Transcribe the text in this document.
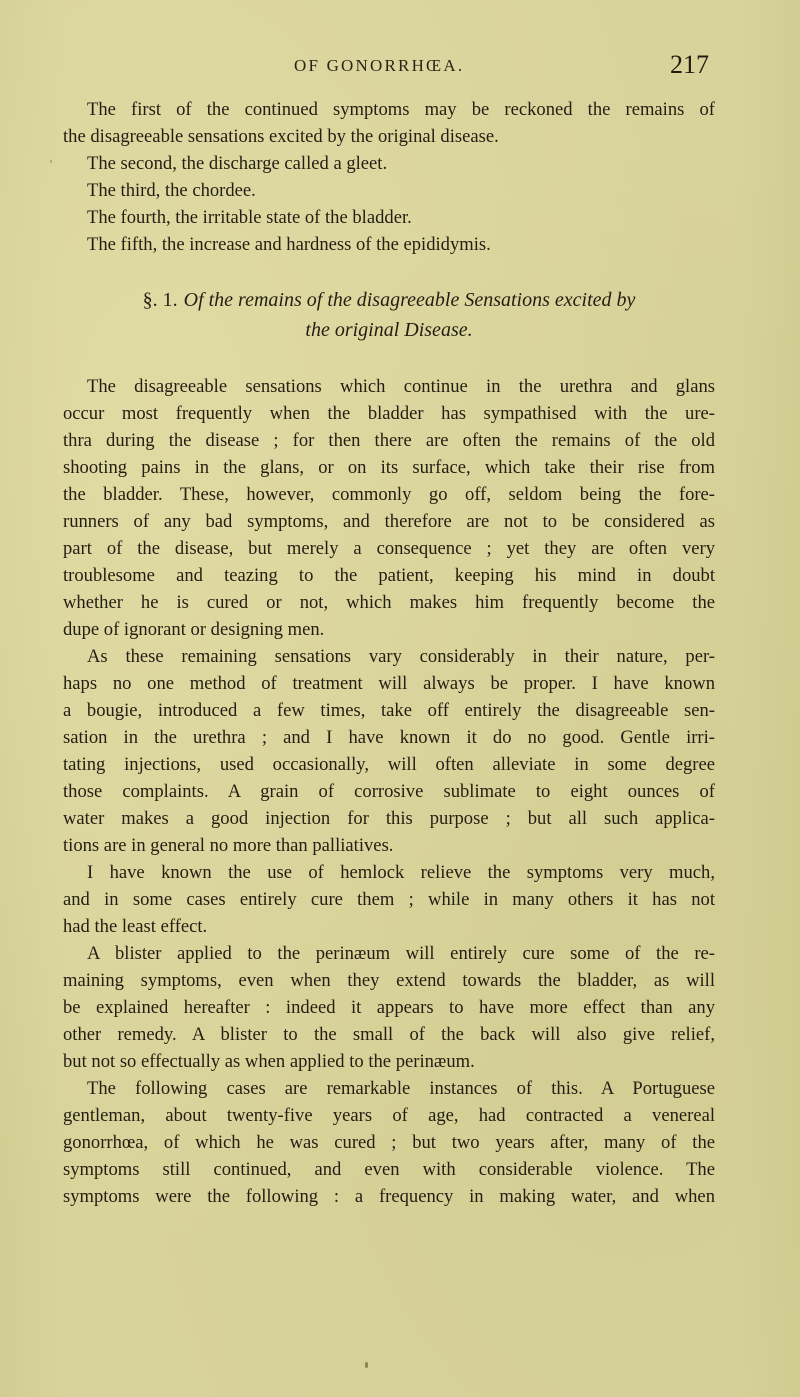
OF GONORRHŒA.	217
The first of the continued symptoms may be reckoned the remains of
the disagreeable sensations excited by the original disease.
The second, the discharge called a gleet.
The third, the chordee.
The fourth, the irritable state of the bladder.
The fifth, the increase and hardness of the epididymis.
§. 1. Of the remains of the disagreeable Sensations excited by
the original Disease.
The disagreeable sensations which continue in the urethra and glans
occur most frequently when the bladder has sympathised with the ure-
thra during the disease ; for then there are often the remains of the old
shooting pains in the glans, or on its surface, which take their rise from
the bladder. These, however, commonly go off, seldom being the fore-
runners of any bad symptoms, and therefore are not to be considered as
part of the disease, but merely a consequence ; yet they are often very
troublesome and teazing to the patient, keeping his mind in doubt
whether he is cured or not, which makes him frequently become the
dupe of ignorant or designing men.
As these remaining sensations vary considerably in their nature, per-
haps no one method of treatment will always be proper. I have known
a bougie, introduced a few times, take off entirely the disagreeable sen-
sation in the urethra ; and I have known it do no good. Gentle irri-
tating injections, used occasionally, will often alleviate in some degree
those complaints. A grain of corrosive sublimate to eight ounces of
water makes a good injection for this purpose ; but all such applica-
tions are in general no more than palliatives.
I have known the use of hemlock relieve the symptoms very much,
and in some cases entirely cure them ; while in many others it has not
had the least effect.
A blister applied to the perinæum will entirely cure some of the re-
maining symptoms, even when they extend towards the bladder, as will
be explained hereafter : indeed it appears to have more effect than any
other remedy. A blister to the small of the back will also give relief,
but not so effectually as when applied to the perinæum.
The following cases are remarkable instances of this. A Portuguese
gentleman, about twenty-five years of age, had contracted a venereal
gonorrhœa, of which he was cured ; but two years after, many of the
symptoms still continued, and even with considerable violence. The
symptoms were the following : a frequency in making water, and when
